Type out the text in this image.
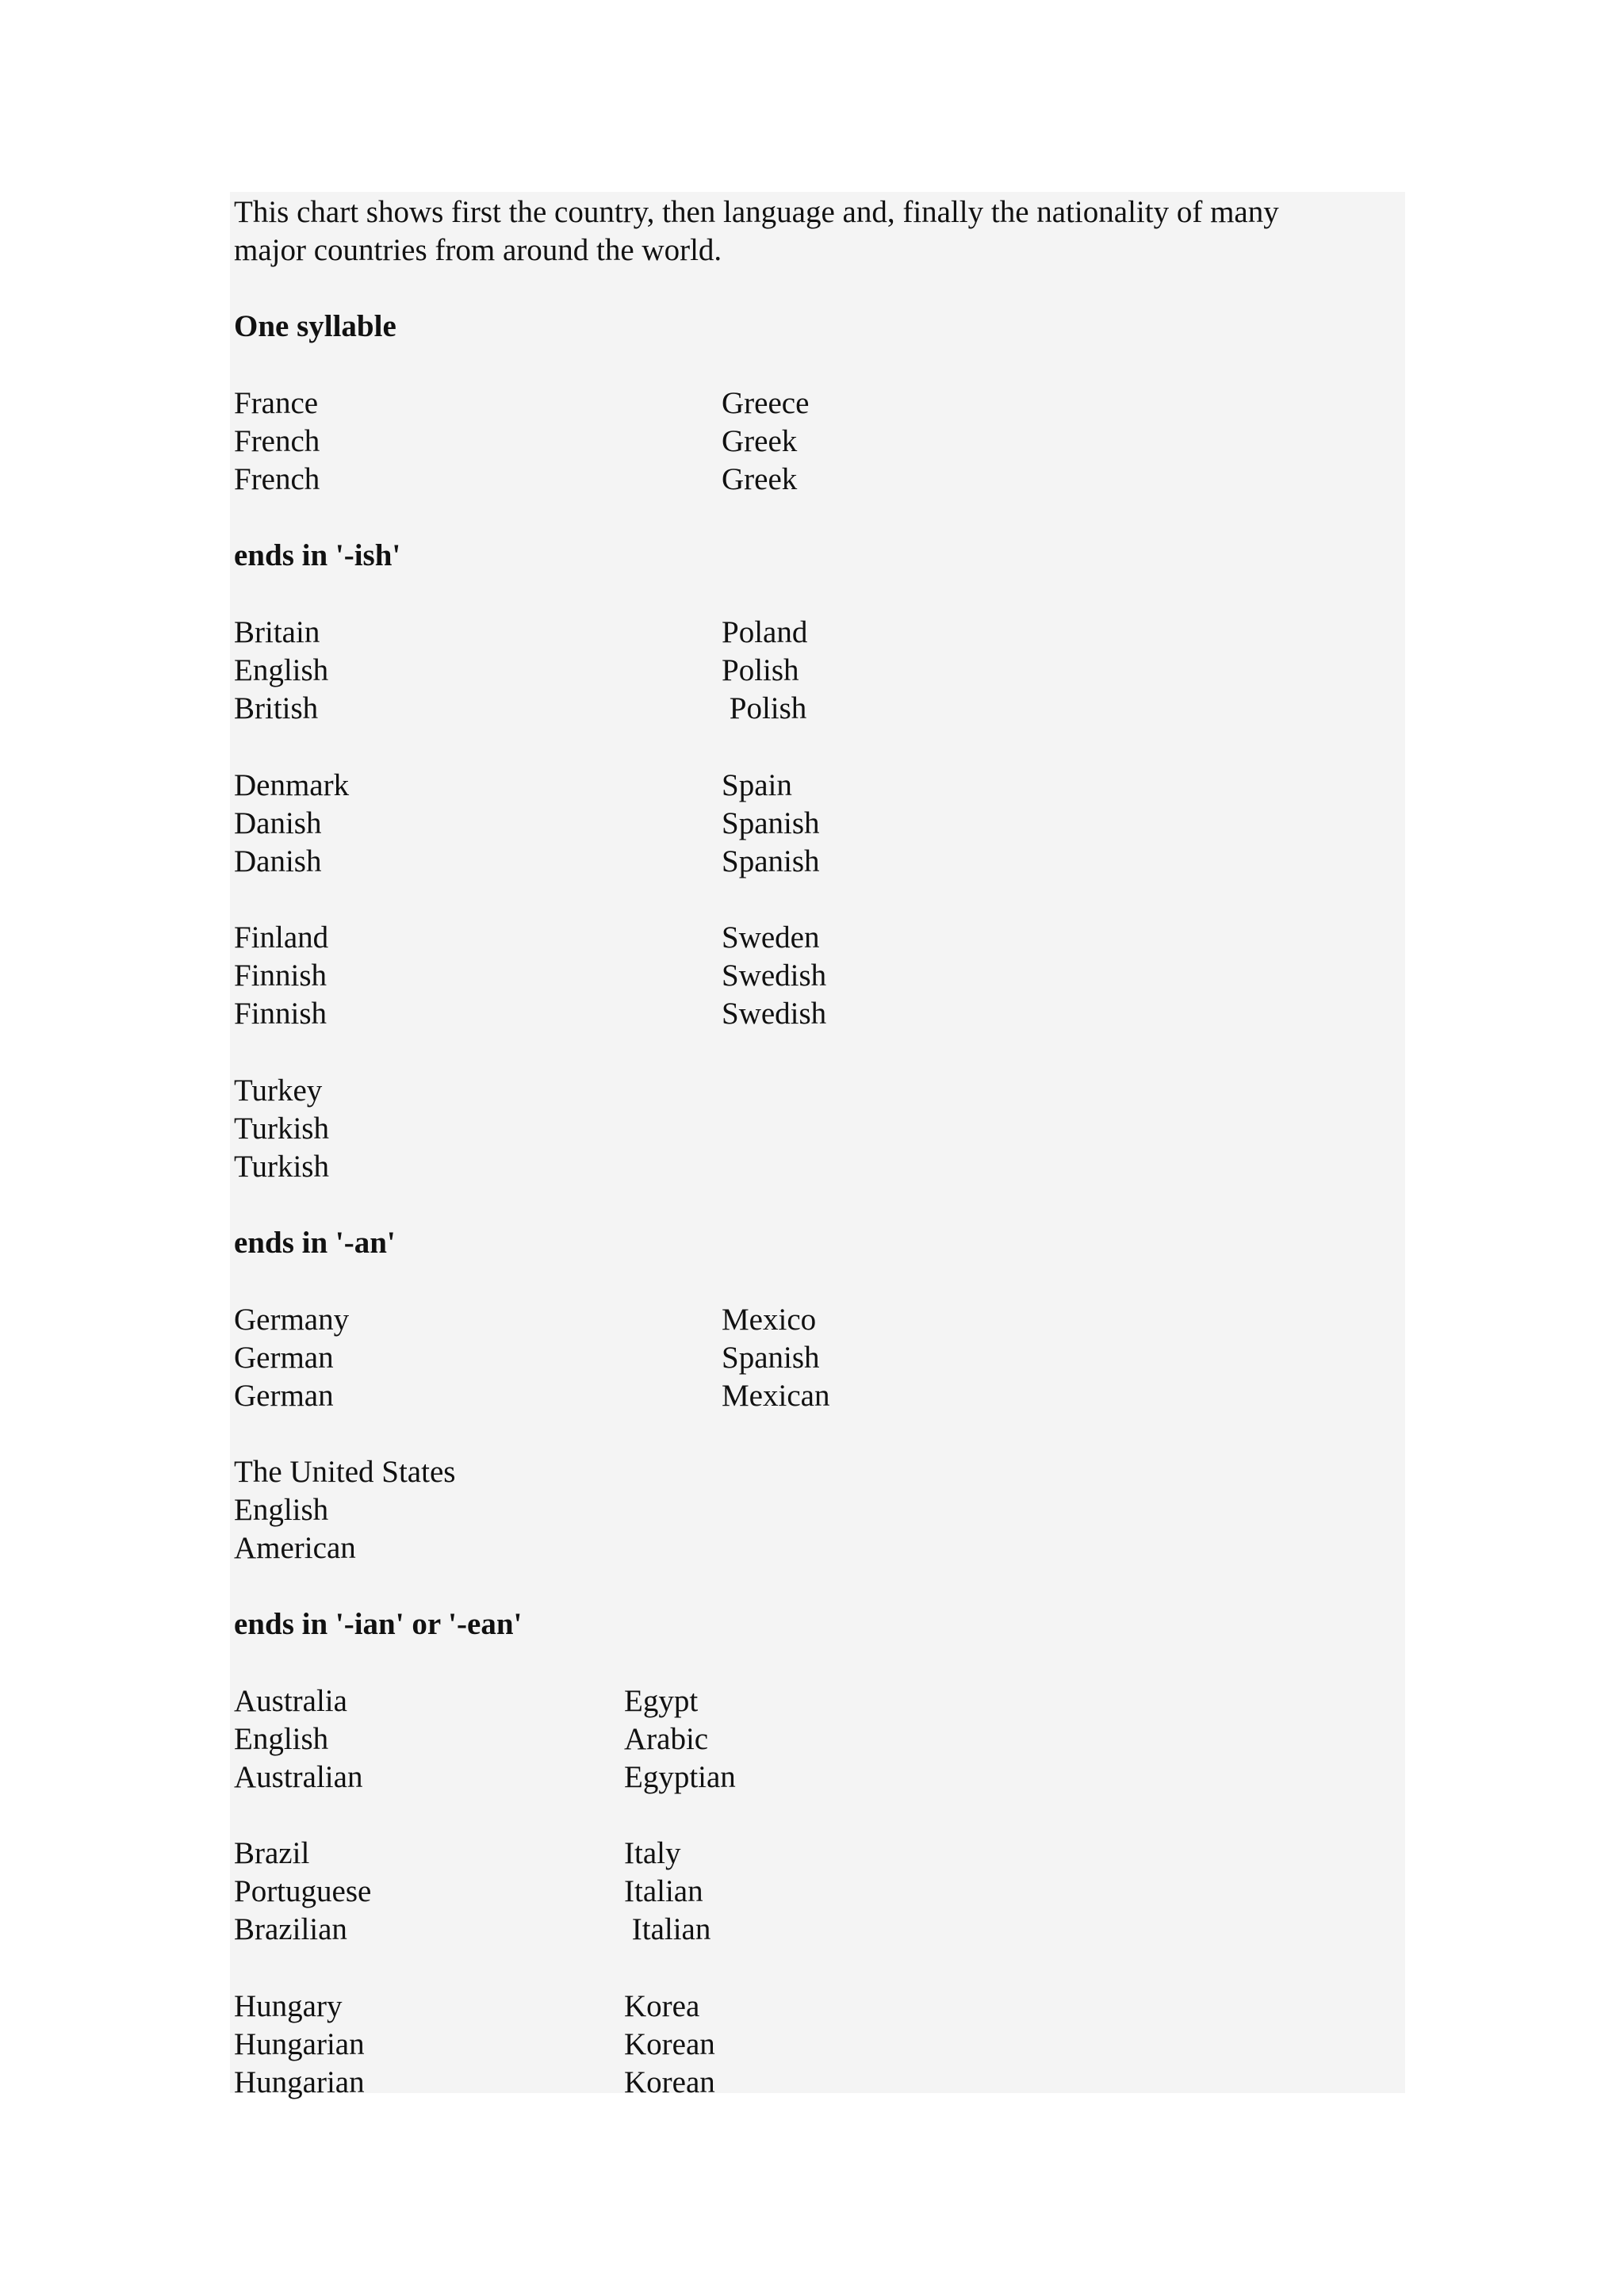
This chart shows first the country, then language and, finally the nationality of many
major countries from around the world.
One syllable
France
French
French
Greece
Greek
Greek
ends in '-ish'
Britain
English
British
Poland
Polish
Polish
Denmark
Danish
Danish
Spain
Spanish
Spanish
Finland
Finnish
Finnish
Sweden
Swedish
Swedish
Turkey
Turkish
Turkish
ends in '-an'
Germany
German
German
Mexico
Spanish
Mexican
The United States
English
American
ends in '-ian' or '-ean'
Australia
English
Australian
Egypt
Arabic
Egyptian
Brazil
Portuguese
Brazilian
Italy
Italian
Italian
Hungary
Hungarian
Hungarian
Korea
Korean
Korean
